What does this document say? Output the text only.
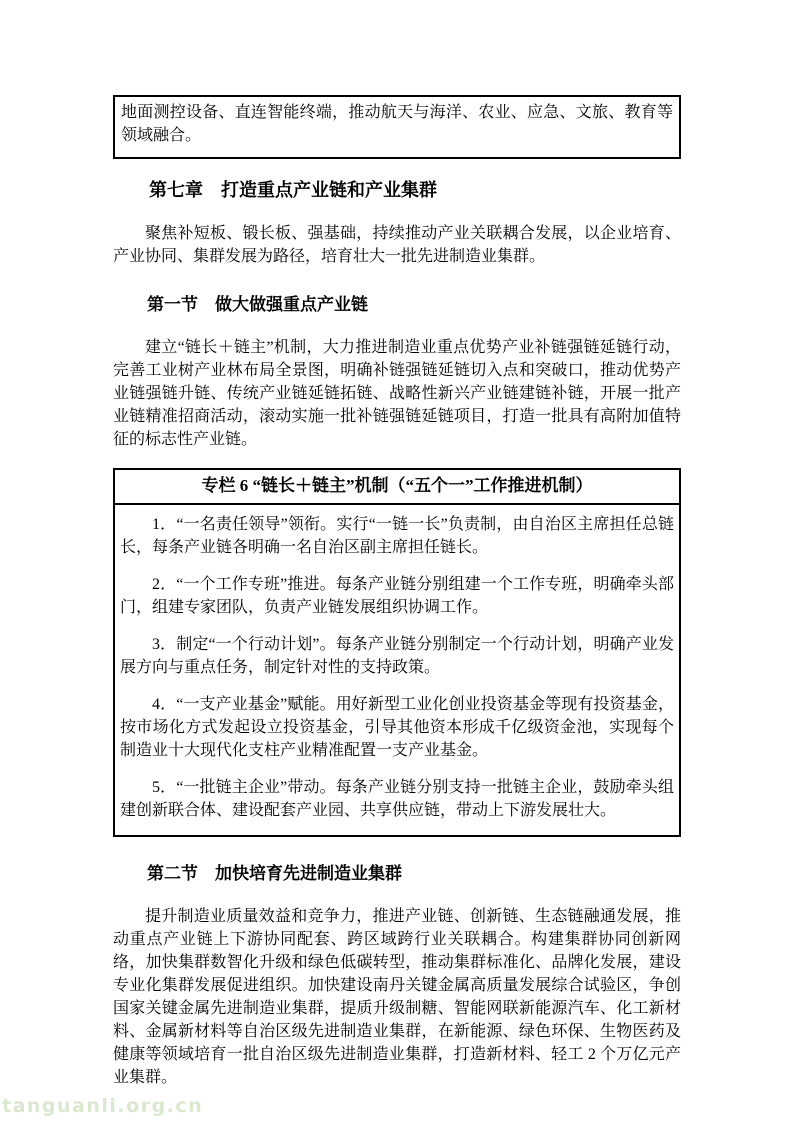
地面测控设备、直连智能终端，推动航天与海洋、农业、应急、文旅、教育等领域融合。

第七章　打造重点产业链和产业集群

聚焦补短板、锻长板、强基础，持续推动产业关联耦合发展，以企业培育、产业协同、集群发展为路径，培育壮大一批先进制造业集群。

第一节　做大做强重点产业链

建立“链长＋链主”机制，大力推进制造业重点优势产业补链强链延链行动，完善工业树产业林布局全景图，明确补链强链延链切入点和突破口，推动优势产业链强链升链、传统产业链延链拓链、战略性新兴产业链建链补链，开展一批产业链精准招商活动，滚动实施一批补链强链延链项目，打造一批具有高附加值特征的标志性产业链。

专栏 6 “链长＋链主”机制（“五个一”工作推进机制）

1．“一名责任领导”领衔。实行“一链一长”负责制，由自治区主席担任总链长，每条产业链各明确一名自治区副主席担任链长。

2．“一个工作专班”推进。每条产业链分别组建一个工作专班，明确牵头部门，组建专家团队，负责产业链发展组织协调工作。

3．制定“一个行动计划”。每条产业链分别制定一个行动计划，明确产业发展方向与重点任务，制定针对性的支持政策。

4．“一支产业基金”赋能。用好新型工业化创业投资基金等现有投资基金，按市场化方式发起设立投资基金，引导其他资本形成千亿级资金池，实现每个制造业十大现代化支柱产业精准配置一支产业基金。

5．“一批链主企业”带动。每条产业链分别支持一批链主企业，鼓励牵头组建创新联合体、建设配套产业园、共享供应链，带动上下游发展壮大。

第二节　加快培育先进制造业集群

提升制造业质量效益和竞争力，推进产业链、创新链、生态链融通发展，推动重点产业链上下游协同配套、跨区域跨行业关联耦合。构建集群协同创新网络，加快集群数智化升级和绿色低碳转型，推动集群标准化、品牌化发展，建设专业化集群发展促进组织。加快建设南丹关键金属高质量发展综合试验区，争创国家关键金属先进制造业集群，提质升级制糖、智能网联新能源汽车、化工新材料、金属新材料等自治区级先进制造业集群，在新能源、绿色环保、生物医药及健康等领域培育一批自治区级先进制造业集群，打造新材料、轻工 2 个万亿元产业集群。

tanguanli.org.cn
